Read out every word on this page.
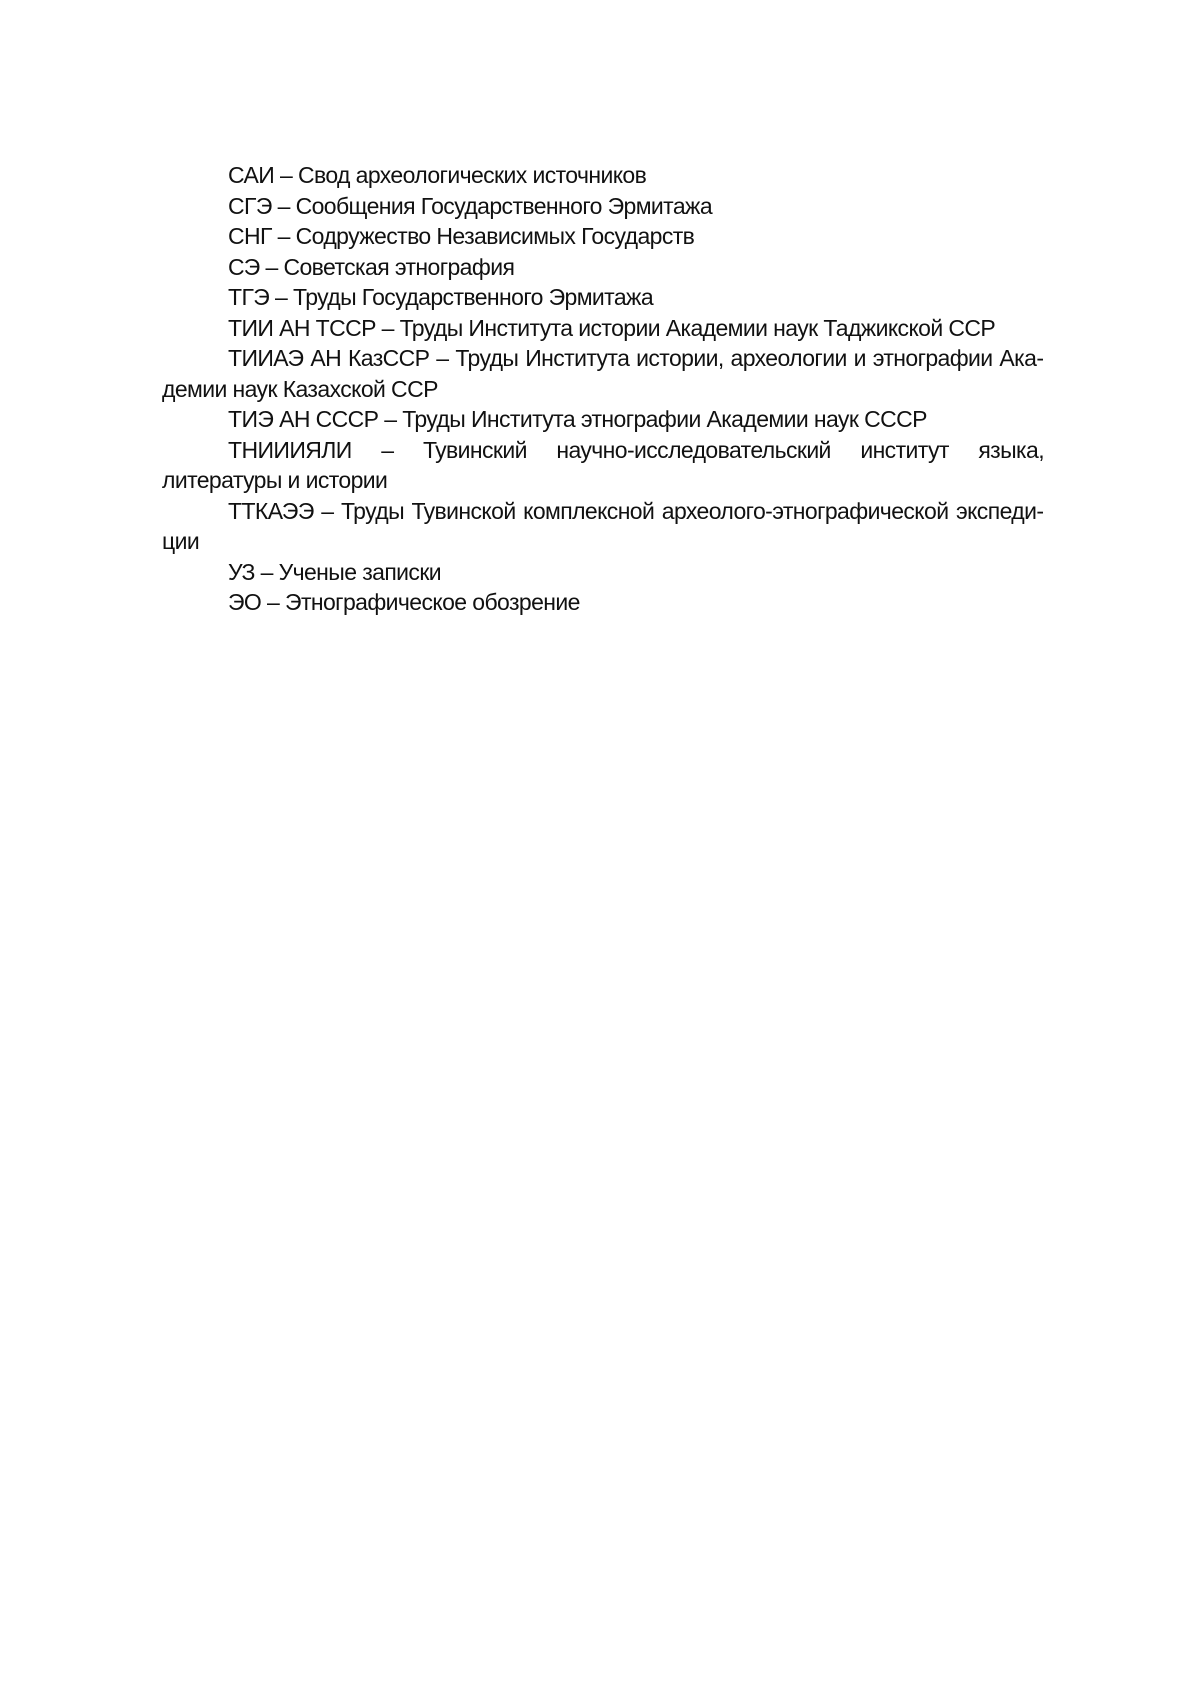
САИ – Свод археологических источников

СГЭ – Сообщения Государственного Эрмитажа

СНГ – Содружество Независимых Государств

СЭ – Советская этнография

ТГЭ – Труды Государственного Эрмитажа

ТИИ АН ТССР – Труды Института истории Академии наук Таджикской ССР

ТИИАЭ АН КазССР – Труды Института истории, археологии и этнографии Академии наук Казахской ССР

ТИЭ АН СССР – Труды Института этнографии Академии наук СССР

ТНИИИЯЛИ – Тувинский научно-исследовательский институт языка, литературы и истории

ТТКАЭЭ – Труды Тувинской комплексной археолого-этнографической экспедиции

УЗ – Ученые записки

ЭО – Этнографическое обозрение
